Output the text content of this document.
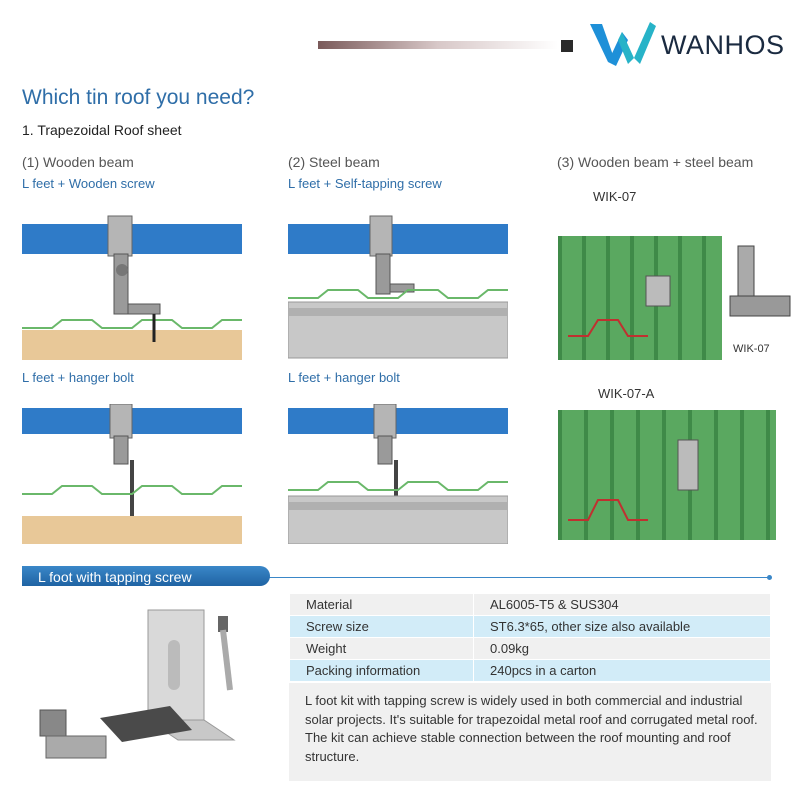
WANHOS
Which tin roof you need?
1. Trapezoidal Roof sheet
(1) Wooden beam	(2) Steel beam	(3) Wooden beam + steel beam
L feet + Wooden screw	L feet + Self-tapping screw
WIK-07
WIK-07
L feet + hanger bolt	L feet + hanger bolt
WIK-07-A
L foot with tapping screw
Material	AL6005-T5 & SUS304
Screw size	ST6.3*65, other size also available
Weight	0.09kg
Packing information	240pcs in a carton
L foot kit with tapping screw is widely used in both commercial and industrial solar projects. It's suitable for trapezoidal metal roof and corrugated metal roof. The kit can achieve stable connection between the roof mounting and roof structure.
